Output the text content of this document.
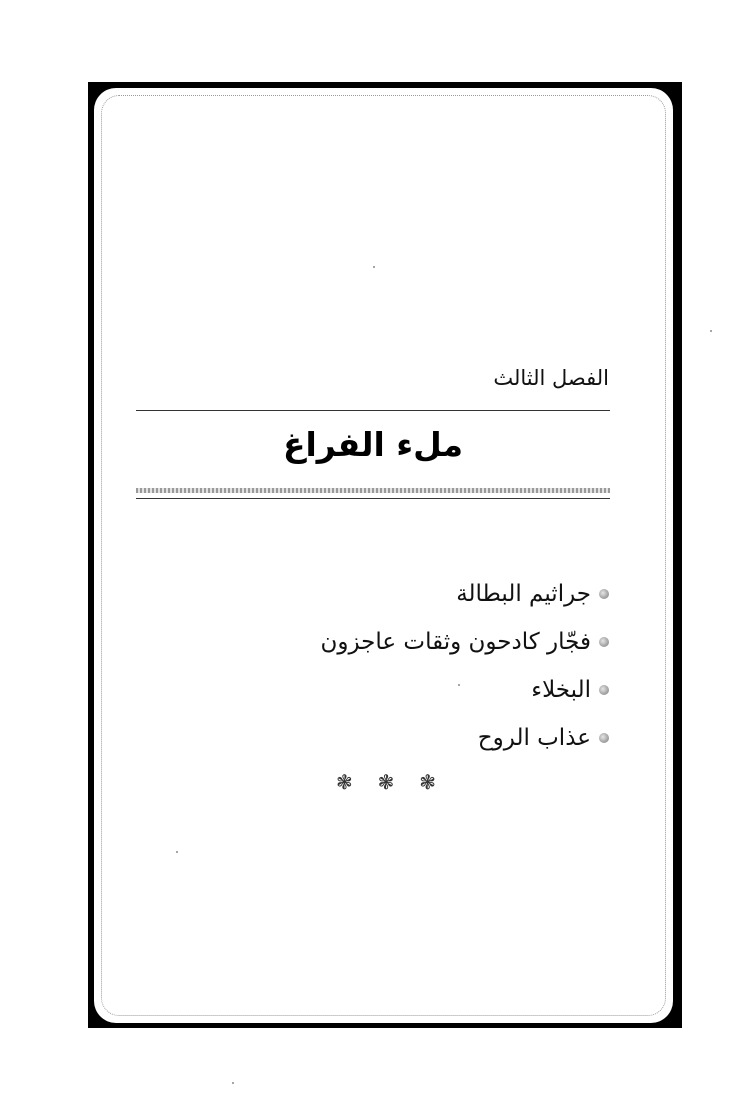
الفصل الثالث
ملء الفراغ
جراثيم البطالة
فجّار كادحون وثقات عاجزون
البخلاء
عذاب الروح
❃ ❃ ❃
